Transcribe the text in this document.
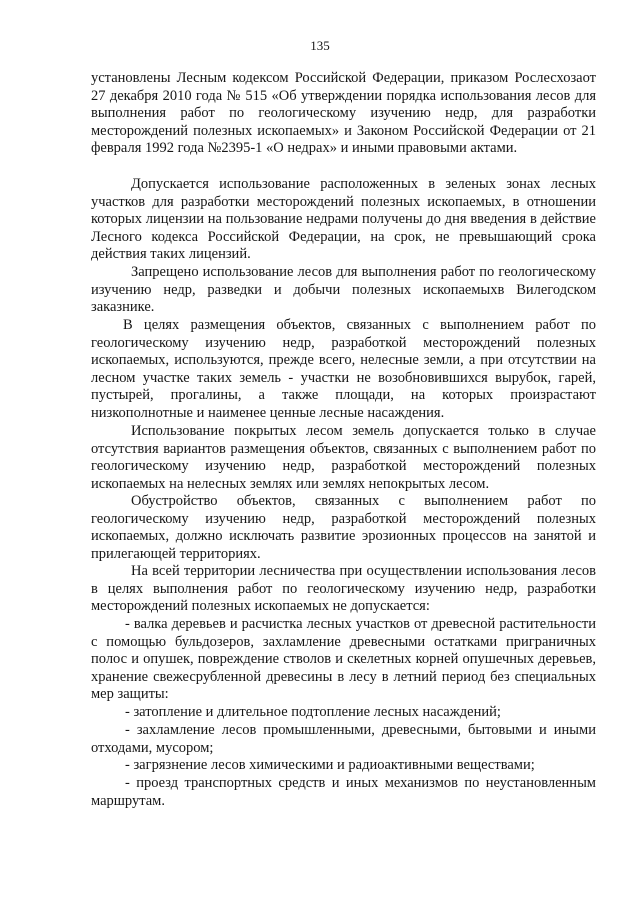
135

установлены Лесным кодексом Российской Федерации, приказом Рослесхозаот 27 декабря 2010 года № 515 «Об утверждении порядка использования лесов для выполнения работ по геологическому изучению недр, для разработки месторождений полезных ископаемых» и Законом Российской Федерации от 21 февраля 1992 года №2395-1 «О недрах» и иными правовыми актами.

Допускается использование расположенных в зеленых зонах лесных участков для разработки месторождений полезных ископаемых, в отношении которых лицензии на пользование недрами получены до дня введения в действие Лесного кодекса Российской Федерации, на срок, не превышающий срока действия таких лицензий.

Запрещено использование лесов для выполнения работ по геологическому изучению недр, разведки и добычи полезных ископаемыхв Вилегодском заказнике.

В целях размещения объектов, связанных с выполнением работ по геологическому изучению недр, разработкой месторождений полезных ископаемых, используются, прежде всего, нелесные земли, а при отсутствии на лесном участке таких земель - участки не возобновившихся вырубок, гарей, пустырей, прогалины, а также площади, на которых произрастают низкополнотные и наименее ценные лесные насаждения.

Использование покрытых лесом земель допускается только в случае отсутствия вариантов размещения объектов, связанных с выполнением работ по геологическому изучению недр, разработкой месторождений полезных ископаемых на нелесных землях или землях непокрытых лесом.

Обустройство объектов, связанных с выполнением работ по геологическому изучению недр, разработкой месторождений полезных ископаемых, должно исключать развитие эрозионных процессов на занятой и прилегающей территориях.

На всей территории лесничества при осуществлении использования лесов в целях выполнения работ по геологическому изучению недр, разработки месторождений полезных ископаемых не допускается:

- валка деревьев и расчистка лесных участков от древесной растительности с помощью бульдозеров, захламление древесными остатками приграничных полос и опушек, повреждение стволов и скелетных корней опушечных деревьев, хранение свежесрубленной древесины в лесу в летний период без специальных мер защиты:

- затопление и длительное подтопление лесных насаждений;

- захламление лесов промышленными, древесными, бытовыми и иными отходами, мусором;

- загрязнение лесов химическими и радиоактивными веществами;

- проезд транспортных средств и иных механизмов по неустановленным маршрутам.
